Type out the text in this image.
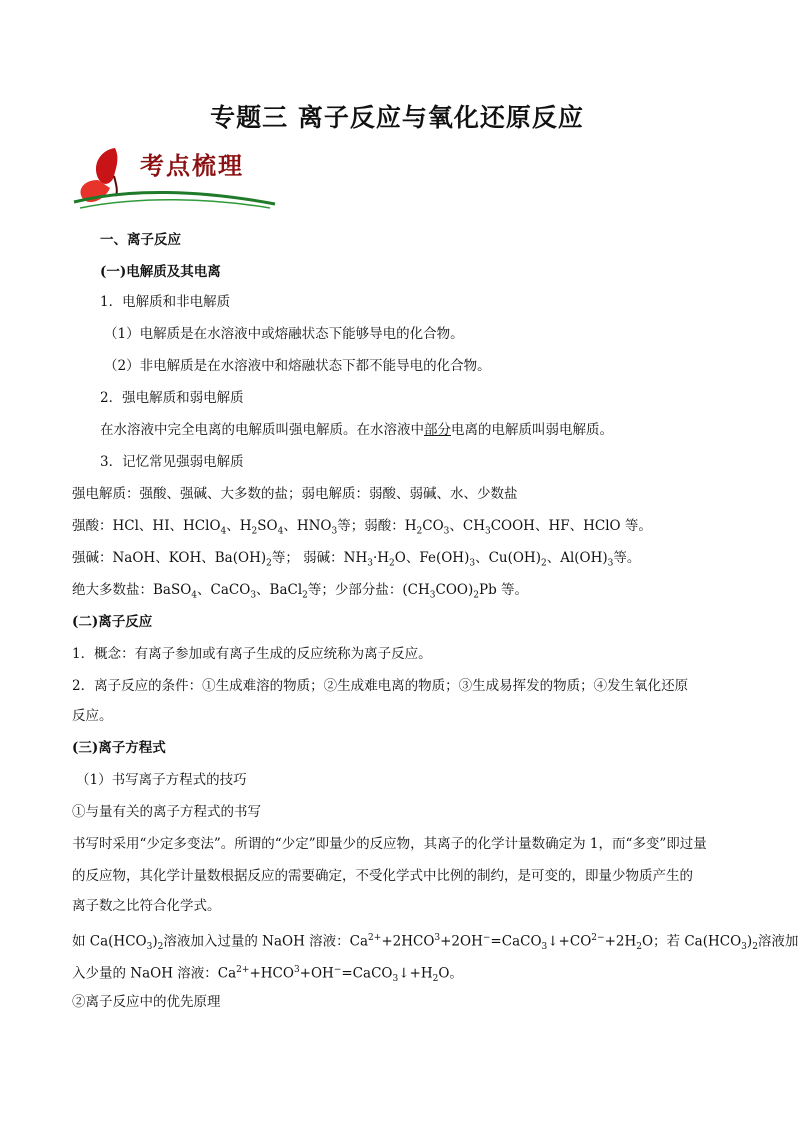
专题三 离子反应与氧化还原反应
考点梳理
一、离子反应
(一)电解质及其电离
1．电解质和非电解质
（1）电解质是在水溶液中或熔融状态下能够导电的化合物。
（2）非电解质是在水溶液中和熔融状态下都不能导电的化合物。
2．强电解质和弱电解质
在水溶液中完全电离的电解质叫强电解质。在水溶液中部分电离的电解质叫弱电解质。
3．记忆常见强弱电解质
强电解质：强酸、强碱、大多数的盐；弱电解质：弱酸、弱碱、水、少数盐
强酸：HCl、HI、HClO$_4$、$H_2SO_4$、$HNO_3$等；弱酸：$H_2CO_3$、$CH_3COOH$、HF、HClO 等。
强碱：NaOH、KOH、$Ba(OH)_2$等； 弱碱：$NH_3\cdot H_2O$、$Fe(OH)_3$、$Cu(OH)_2$、$Al(OH)_3$等。
绝大多数盐：BaSO$_4$、CaCO$_3$、BaCl$_2$等；少部分盐：$(CH_3COO)_2Pb$ 等。
(二)离子反应
1．概念：有离子参加或有离子生成的反应统称为离子反应。
2．离子反应的条件：①生成难溶的物质；②生成难电离的物质；③生成易挥发的物质；④发生氧化还原
反应。
(三)离子方程式
（1）书写离子方程式的技巧
①与量有关的离子方程式的书写
书写时采用“少定多变法”。所谓的“少定”即量少的反应物，其离子的化学计量数确定为 1，而“多变”即过量
的反应物，其化学计量数根据反应的需要确定，不受化学式中比例的制约，是可变的，即量少物质产生的
离子数之比符合化学式。
如 $Ca(HCO_3)_2$溶液加入过量的 NaOH 溶液：$Ca^{2+}+2HCO^3+2OH^-=CaCO_3↓+CO^{2-}+2H_2O$；若 $Ca(HCO_3)_2$溶液加
入少量的 NaOH 溶液：$Ca^{2+}+HCO^3+OH^-=CaCO_3↓+H_2O$。
②离子反应中的优先原理
